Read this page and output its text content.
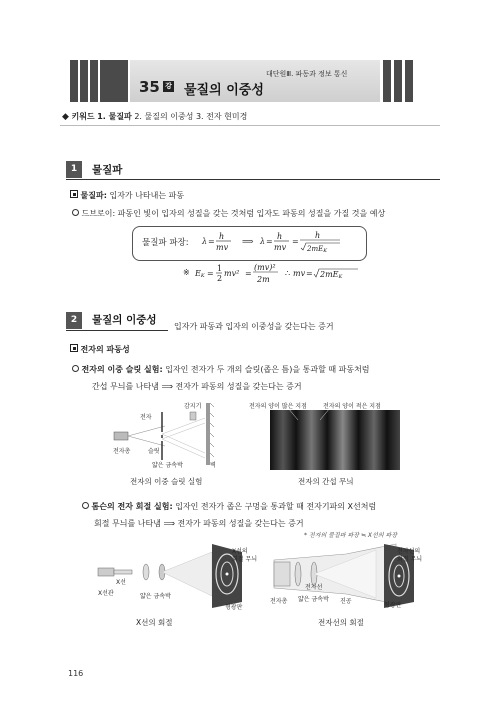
35 강 물질의 이중성
대단원Ⅲ. 파동과 정보 통신
◆ 키워드 1. 물질파 2. 물질의 이중성 3. 전자 현미경
1	물질파
물질파: 입자가 나타내는 파동
드브로이: 파동인 빛이 입자의 성질을 갖는 것처럼 입자도 파동의 성질을 가질 것을 예상
물질파 파장: λ =
h
mv
⟹ λ =
h
mv
=
h
2mEK
※ EK =
1
2
mv² =
(mv)²
2m
∴ mv = 2mEK
2	물질의 이중성
입자가 파동과 입자의 이중성을 갖는다는 증거
전자의 파동성
전자의 이중 슬릿 실험: 입자인 전자가 두 개의 슬릿(좁은 틈)을 통과할 때 파동처럼
간섭 무늬를 나타냄 ⟹ 전자가 파동의 성질을 갖는다는 증거
전자
전자총	슬릿
얇은 금속박
감지기
벽
전자의 이중 슬릿 실험
전자의 양이 많은 지점	전자의 양이 적은 지점
전자의 간섭 무늬
톰슨의 전자 회절 실험: 입자인 전자가 좁은 구멍을 통과할 때 전자기파의 X선처럼
회절 무늬를 나타냄 ⟹ 전자가 파동의 성질을 갖는다는 증거
* 전자의 물질파 파장 ≒ X선의 파장
X선관
X선
얇은 금속박
형광판
X선의
회절 무늬
X선의 회절
전자총
전자선
얇은 금속박 진공
형광판
전자선의
회절 무늬
전자선의 회절
116
